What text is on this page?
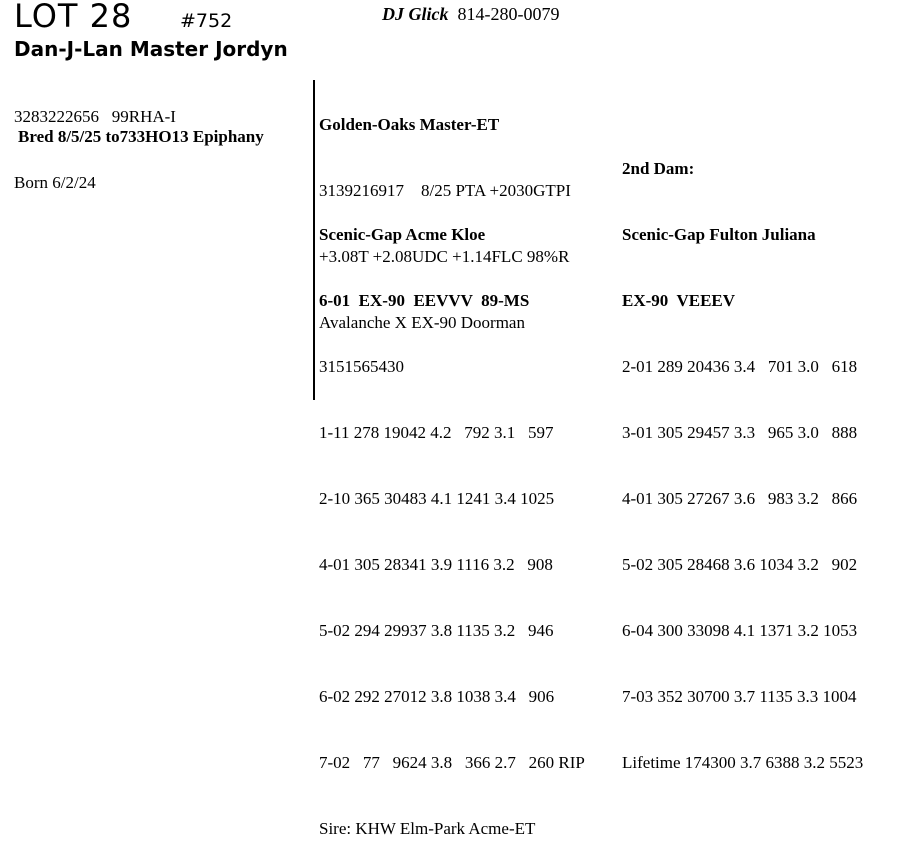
LOT 28	#752
Dan-J-Lan Master Jordyn
DJ Glick 814-280-0079

3283222656   99RHA-I

Born 6/2/24

Bred 8/5/25 to733HO13 Epiphany

Golden-Oaks Master-ET

3139216917    8/25 PTA +2030GTPI

+3.08T +2.08UDC +1.14FLC 98%R

Avalanche X EX-90 Doorman

Scenic-Gap Acme Kloe

6-01  EX-90  EEVVV  89-MS

3151565430

1-11 278 19042 4.2   792 3.1   597

2-10 365 30483 4.1 1241 3.4 1025

4-01 305 28341 3.9 1116 3.2   908

5-02 294 29937 3.8 1135 3.2   946

6-02 292 27012 3.8 1038 3.4   906

7-02   77   9624 3.8   366 2.7   260 RIP

Sire: KHW Elm-Park Acme-ET

2nd Dam:

Scenic-Gap Fulton Juliana

EX-90  VEEEV

2-01 289 20436 3.4   701 3.0   618

3-01 305 29457 3.3   965 3.0   888

4-01 305 27267 3.6   983 3.2   866

5-02 305 28468 3.6 1034 3.2   902

6-04 300 33098 4.1 1371 3.2 1053

7-03 352 30700 3.7 1135 3.3 1004

Lifetime 174300 3.7 6388 3.2 5523
